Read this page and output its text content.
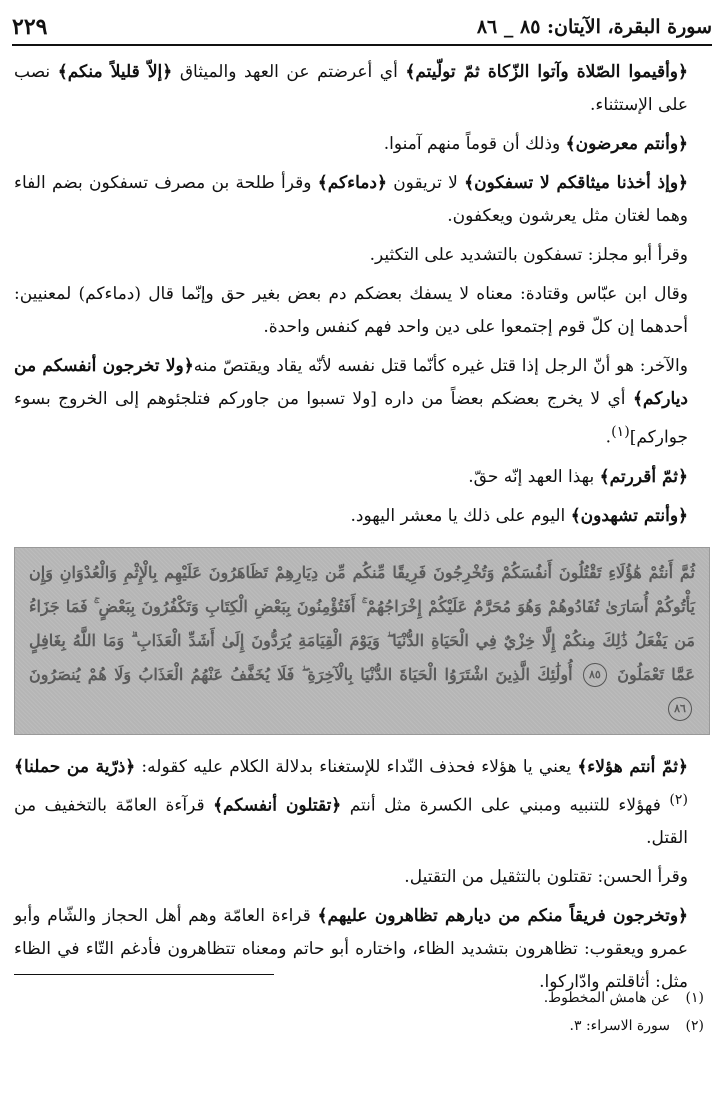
سورة البقرة، الآيتان: ٨٥ _ ٨٦
٢٢٩

﴿وأقيموا الصّلاة وآتوا الزّكاة ثمّ تولّيتم﴾ أي أعرضتم عن العهد والميثاق ﴿إلاّ قليلاً منكم﴾ نصب على الإستثناء.

﴿وأنتم معرضون﴾ وذلك أن قوماً منهم آمنوا.

﴿وإذ أخذنا ميثاقكم لا تسفكون﴾ لا تريقون ﴿دماءكم﴾ وقرأ طلحة بن مصرف تسفكون بضم الفاء وهما لغتان مثل يعرشون ويعكفون.

وقرأ أبو مجلز: تسفكون بالتشديد على التكثير.

وقال ابن عبّاس وقتادة: معناه لا يسفك بعضكم دم بعض بغير حق وإنّما قال (دماءكم) لمعنيين: أحدهما إن كلّ قوم إجتمعوا على دين واحد فهم كنفس واحدة.

والآخر: هو أنّ الرجل إذا قتل غيره كأنّما قتل نفسه لأنّه يقاد ويقتصّ منه﴿ولا تخرجون أنفسكم من دياركم﴾ أي لا يخرج بعضكم بعضاً من داره [ولا تسبوا من جاوركم فتلجئوهم إلى الخروج بسوء جواركم]$^{(١)}$.

﴿ثمّ أقررتم﴾ بهذا العهد إنّه حقّ.

﴿وأنتم تشهدون﴾ اليوم على ذلك يا معشر اليهود.

ثُمَّ أَنتُمْ هَٰؤُلَاءِ تَقْتُلُونَ أَنفُسَكُمْ وَتُخْرِجُونَ فَرِيقًا مِّنكُم مِّن دِيَارِهِمْ تَظَاهَرُونَ عَلَيْهِم بِالْإِثْمِ وَالْعُدْوَانِ وَإِن يَأْتُوكُمْ أُسَارَىٰ تُفَادُوهُمْ وَهُوَ مُحَرَّمٌ عَلَيْكُمْ إِخْرَاجُهُمْ ۚ أَفَتُؤْمِنُونَ بِبَعْضِ الْكِتَابِ وَتَكْفُرُونَ بِبَعْضٍ ۚ فَمَا جَزَاءُ مَن يَفْعَلُ ذَٰلِكَ مِنكُمْ إِلَّا خِزْيٌ فِي الْحَيَاةِ الدُّنْيَا ۖ وَيَوْمَ الْقِيَامَةِ يُرَدُّونَ إِلَىٰ أَشَدِّ الْعَذَابِ ۗ وَمَا اللَّهُ بِغَافِلٍ عَمَّا تَعْمَلُونَ ٨٥ أُولَٰئِكَ الَّذِينَ اشْتَرَوُا الْحَيَاةَ الدُّنْيَا بِالْآخِرَةِ ۖ فَلَا يُخَفَّفُ عَنْهُمُ الْعَذَابُ وَلَا هُمْ يُنصَرُونَ ٨٦

﴿ثمّ أنتم هؤلاء﴾ يعني يا هؤلاء فحذف النّداء للإستغناء بدلالة الكلام عليه كقوله: ﴿ذرّية من حملنا﴾$^{(٢)}$ فهؤلاء للتنبيه ومبني على الكسرة مثل أنتم ﴿تقتلون أنفسكم﴾ قرآءة العامّة بالتخفيف من القتل.

وقرأ الحسن: تقتلون بالتثقيل من التقتيل.

﴿وتخرجون فريقاً منكم من ديارهم تظاهرون عليهم﴾ قراءة العامّة وهم أهل الحجاز والشّام وأبو عمرو ويعقوب: تظاهرون بتشديد الظاء، واختاره أبو حاتم ومعناه تتظاهرون فأدغم التّاء في الظاء مثل: أثاقلتم وادّاركوا.

(١)عن هامش المخطوط.
(٢)سورة الاسراء: ٣.
